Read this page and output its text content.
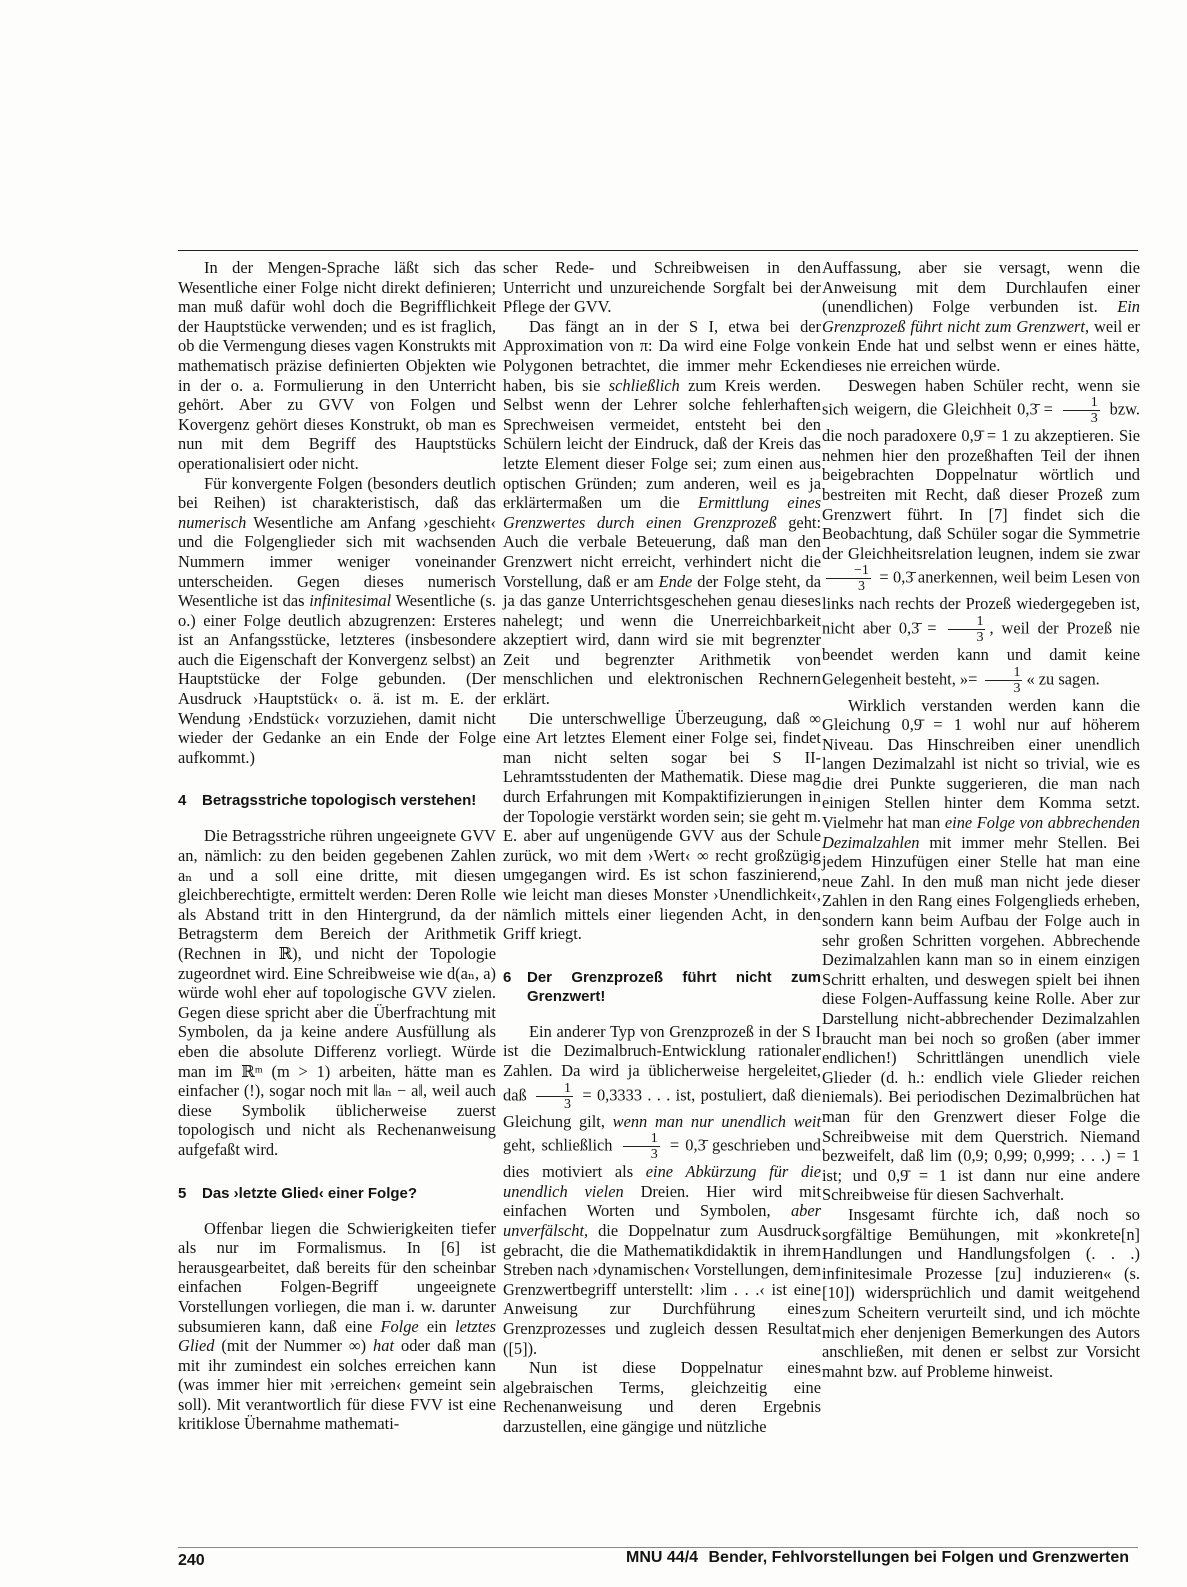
In der Mengen-Sprache läßt sich das Wesentliche einer Folge nicht direkt definieren; man muß dafür wohl doch die Begrifflichkeit der Hauptstücke verwenden; und es ist fraglich, ob die Vermengung dieses vagen Konstrukts mit mathematisch präzise definierten Objekten wie in der o. a. Formulierung in den Unterricht gehört. Aber zu GVV von Folgen und Kovergenz gehört dieses Konstrukt, ob man es nun mit dem Begriff des Hauptstücks operationalisiert oder nicht.

Für konvergente Folgen (besonders deutlich bei Reihen) ist charakteristisch, daß das numerisch Wesentliche am Anfang ›geschieht‹ und die Folgenglieder sich mit wachsenden Nummern immer weniger voneinander unterscheiden. Gegen dieses numerisch Wesentliche ist das infinitesimal Wesentliche (s. o.) einer Folge deutlich abzugrenzen: Ersteres ist an Anfangsstücke, letzteres (insbesondere auch die Eigenschaft der Konvergenz selbst) an Hauptstücke der Folge gebunden. (Der Ausdruck ›Hauptstück‹ o. ä. ist m. E. der Wendung ›Endstück‹ vorzuziehen, damit nicht wieder der Gedanke an ein Ende der Folge aufkommt.)

4 Betragsstriche topologisch verstehen!

Die Betragsstriche rühren ungeeignete GVV an, nämlich: zu den beiden gegebenen Zahlen aₙ und a soll eine dritte, mit diesen gleichberechtigte, ermittelt werden: Deren Rolle als Abstand tritt in den Hintergrund, da der Betragsterm dem Bereich der Arithmetik (Rechnen in ℝ), und nicht der Topologie zugeordnet wird. Eine Schreibweise wie d(aₙ, a) würde wohl eher auf topologische GVV zielen. Gegen diese spricht aber die Überfrachtung mit Symbolen, da ja keine andere Ausfüllung als eben die absolute Differenz vorliegt. Würde man im ℝᵐ (m > 1) arbeiten, hätte man es einfacher (!), sogar noch mit ‖aₙ − a‖, weil auch diese Symbolik üblicherweise zuerst topologisch und nicht als Rechenanweisung aufgefaßt wird.

5 Das ›letzte Glied‹ einer Folge?

Offenbar liegen die Schwierigkeiten tiefer als nur im Formalismus. In [6] ist herausgearbeitet, daß bereits für den scheinbar einfachen Folgen-Begriff ungeeignete Vorstellungen vorliegen, die man i. w. darunter subsumieren kann, daß eine Folge ein letztes Glied (mit der Nummer ∞) hat oder daß man mit ihr zumindest ein solches erreichen kann (was immer hier mit ›erreichen‹ gemeint sein soll). Mit verantwortlich für diese FVV ist eine kritiklose Übernahme mathemati-

scher Rede- und Schreibweisen in den Unterricht und unzureichende Sorgfalt bei der Pflege der GVV.

Das fängt an in der S I, etwa bei der Approximation von π: Da wird eine Folge von Polygonen betrachtet, die immer mehr Ecken haben, bis sie schließlich zum Kreis werden. Selbst wenn der Lehrer solche fehlerhaften Sprechweisen vermeidet, entsteht bei den Schülern leicht der Eindruck, daß der Kreis das letzte Element dieser Folge sei; zum einen aus optischen Gründen; zum anderen, weil es ja erklärtermaßen um die Ermittlung eines Grenzwertes durch einen Grenzprozeß geht: Auch die verbale Beteuerung, daß man den Grenzwert nicht erreicht, verhindert nicht die Vorstellung, daß er am Ende der Folge steht, da ja das ganze Unterrichtsgeschehen genau dieses nahelegt; und wenn die Unerreichbarkeit akzeptiert wird, dann wird sie mit begrenzter Zeit und begrenzter Arithmetik von menschlichen und elektronischen Rechnern erklärt.

Die unterschwellige Überzeugung, daß ∞ eine Art letztes Element einer Folge sei, findet man nicht selten sogar bei S II-Lehramtsstudenten der Mathematik. Diese mag durch Erfahrungen mit Kompaktifizierungen in der Topologie verstärkt worden sein; sie geht m. E. aber auf ungenügende GVV aus der Schule zurück, wo mit dem ›Wert‹ ∞ recht großzügig umgegangen wird. Es ist schon faszinierend, wie leicht man dieses Monster ›Unendlichkeit‹, nämlich mittels einer liegenden Acht, in den Griff kriegt.

6 Der Grenzprozeß führt nicht zum Grenzwert!

Ein anderer Typ von Grenzprozeß in der S I ist die Dezimalbruch-Entwicklung rationaler Zahlen. Da wird ja üblicherweise hergeleitet, daß $\frac{1}{3} = 0,3333$ . . . ist, postuliert, daß die Gleichung gilt, wenn man nur unendlich weit geht, schließlich $\frac{1}{3}$ = 0,3̄ geschrieben und dies motiviert als eine Abkürzung für die unendlich vielen Dreien. Hier wird mit einfachen Worten und Symbolen, aber unverfälscht, die Doppelnatur zum Ausdruck gebracht, die die Mathematikdidaktik in ihrem Streben nach ›dynamischen‹ Vorstellungen, dem Grenzwertbegriff unterstellt: ›lim . . .‹ ist eine Anweisung zur Durchführung eines Grenzprozesses und zugleich dessen Resultat ([5]).

Nun ist diese Doppelnatur eines algebraischen Terms, gleichzeitig eine Rechenanweisung und deren Ergebnis darzustellen, eine gängige und nützliche

Auffassung, aber sie versagt, wenn die Anweisung mit dem Durchlaufen einer (unendlichen) Folge verbunden ist. Ein Grenzprozeß führt nicht zum Grenzwert, weil er kein Ende hat und selbst wenn er eines hätte, dieses nie erreichen würde.

Deswegen haben Schüler recht, wenn sie sich weigern, die Gleichheit 0,3̄ = $\frac{1}{3}$ bzw. die noch paradoxere 0,9̄ = 1 zu akzeptieren. Sie nehmen hier den prozeßhaften Teil der ihnen beigebrachten Doppelnatur wörtlich und bestreiten mit Recht, daß dieser Prozeß zum Grenzwert führt. In [7] findet sich die Beobachtung, daß Schüler sogar die Symmetrie der Gleichheitsrelation leugnen, indem sie zwar
$\frac{-1}{3}$ = 0,3̄ anerkennen, weil beim Lesen von links nach rechts der Prozeß wiedergegeben ist, nicht aber 0,3̄ = $\frac{1}{3}$ , weil der Prozeß nie beendet werden kann und damit keine Gelegenheit besteht, »= $\frac{1}{3}$ « zu sagen.

Wirklich verstanden werden kann die Gleichung 0,9̄ = 1 wohl nur auf höherem Niveau. Das Hinschreiben einer unendlich langen Dezimalzahl ist nicht so trivial, wie es die drei Punkte suggerieren, die man nach einigen Stellen hinter dem Komma setzt. Vielmehr hat man eine Folge von abbrechenden Dezimalzahlen mit immer mehr Stellen. Bei jedem Hinzufügen einer Stelle hat man eine neue Zahl. In den muß man nicht jede dieser Zahlen in den Rang eines Folgenglieds erheben, sondern kann beim Aufbau der Folge auch in sehr großen Schritten vorgehen. Abbrechende Dezimalzahlen kann man so in einem einzigen Schritt erhalten, und deswegen spielt bei ihnen diese Folgen-Auffassung keine Rolle. Aber zur Darstellung nicht-abbrechender Dezimalzahlen braucht man bei noch so großen (aber immer endlichen!) Schrittlängen unendlich viele Glieder (d. h.: endlich viele Glieder reichen niemals). Bei periodischen Dezimalbrüchen hat man für den Grenzwert dieser Folge die Schreibweise mit dem Querstrich. Niemand bezweifelt, daß lim (0,9; 0,99; 0,999; . . .) = 1 ist; und 0,9̄ = 1 ist dann nur eine andere Schreibweise für diesen Sachverhalt.

Insgesamt fürchte ich, daß noch so sorgfältige Bemühungen, mit »konkrete[n] Handlungen und Handlungsfolgen (. . .) infinitesimale Prozesse [zu] induzieren« (s. [10]) widersprüchlich und damit weitgehend zum Scheitern verurteilt sind, und ich möchte mich eher denjenigen Bemerkungen des Autors anschließen, mit denen er selbst zur Vorsicht mahnt bzw. auf Probleme hinweist.

240	MNU 44/4 Bender, Fehlvorstellungen bei Folgen und Grenzwerten
